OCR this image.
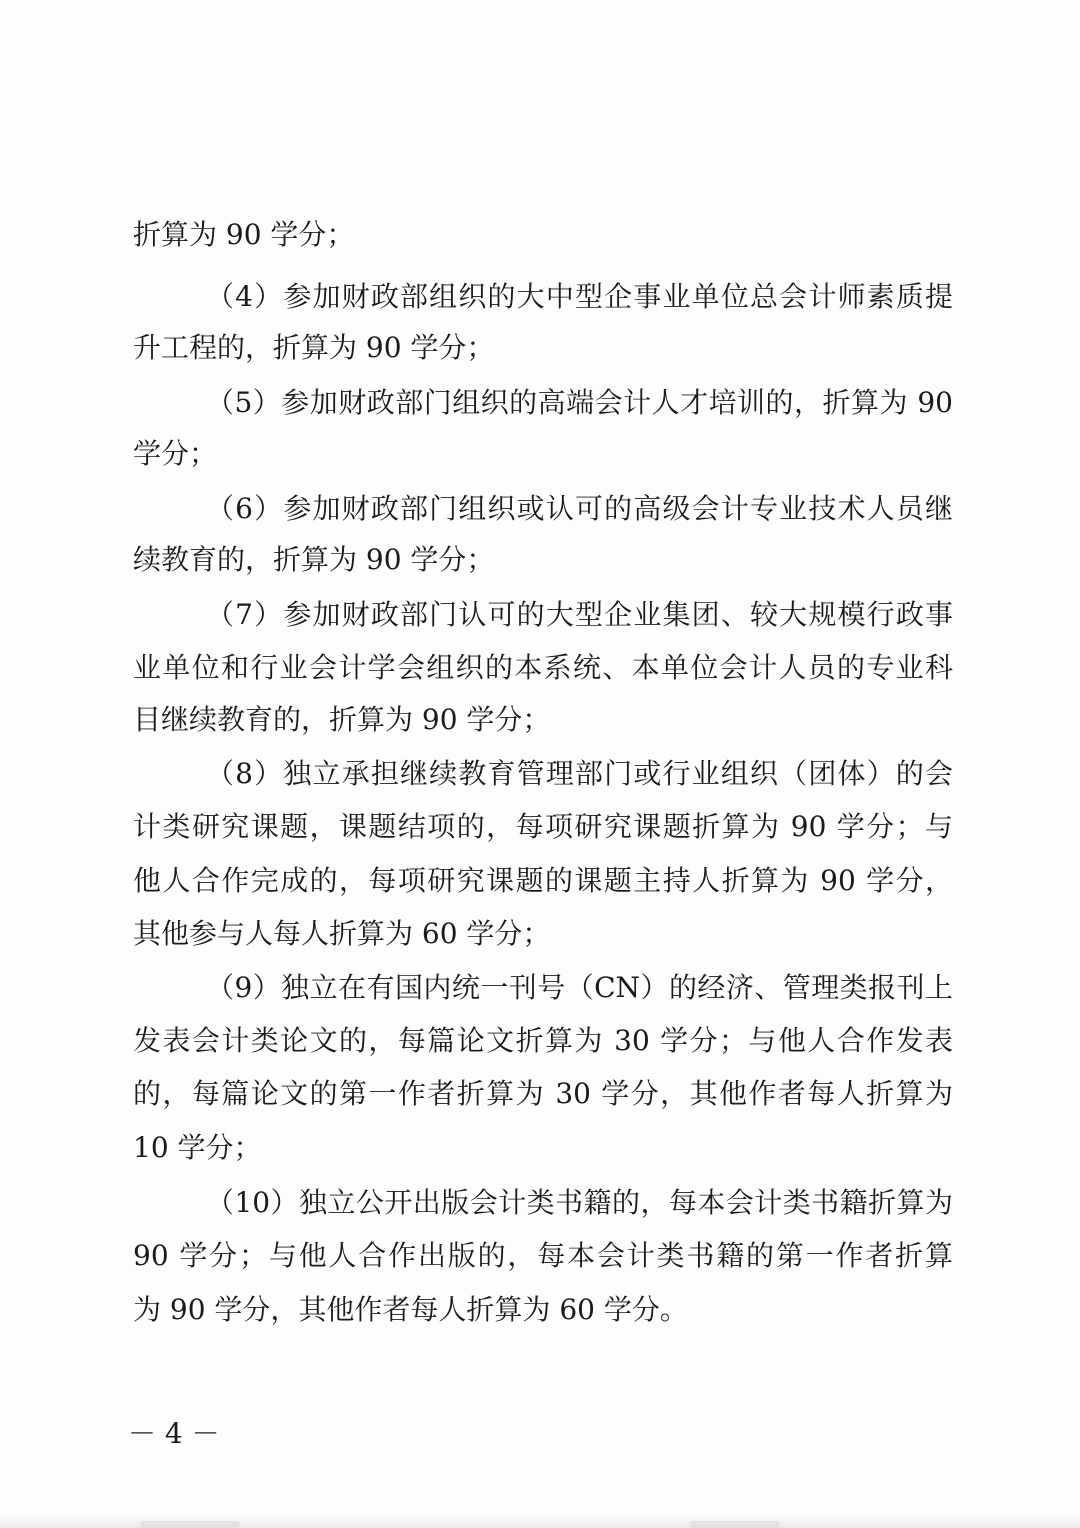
折算为 90 学分；
（4）参加财政部组织的大中型企事业单位总会计师素质提
升工程的，折算为 90 学分；
（5）参加财政部门组织的高端会计人才培训的，折算为 90
学分；
（6）参加财政部门组织或认可的高级会计专业技术人员继
续教育的，折算为 90 学分；
（7）参加财政部门认可的大型企业集团、较大规模行政事
业单位和行业会计学会组织的本系统、本单位会计人员的专业科
目继续教育的，折算为 90 学分；
（8）独立承担继续教育管理部门或行业组织（团体）的会
计类研究课题，课题结项的，每项研究课题折算为 90 学分；与
他人合作完成的，每项研究课题的课题主持人折算为 90 学分，
其他参与人每人折算为 60 学分；
（9）独立在有国内统一刊号（CN）的经济、管理类报刊上
发表会计类论文的，每篇论文折算为 30 学分；与他人合作发表
的，每篇论文的第一作者折算为 30 学分，其他作者每人折算为
10 学分；
（10）独立公开出版会计类书籍的，每本会计类书籍折算为
90 学分；与他人合作出版的，每本会计类书籍的第一作者折算
为 90 学分，其他作者每人折算为 60 学分。
－ 4 －
